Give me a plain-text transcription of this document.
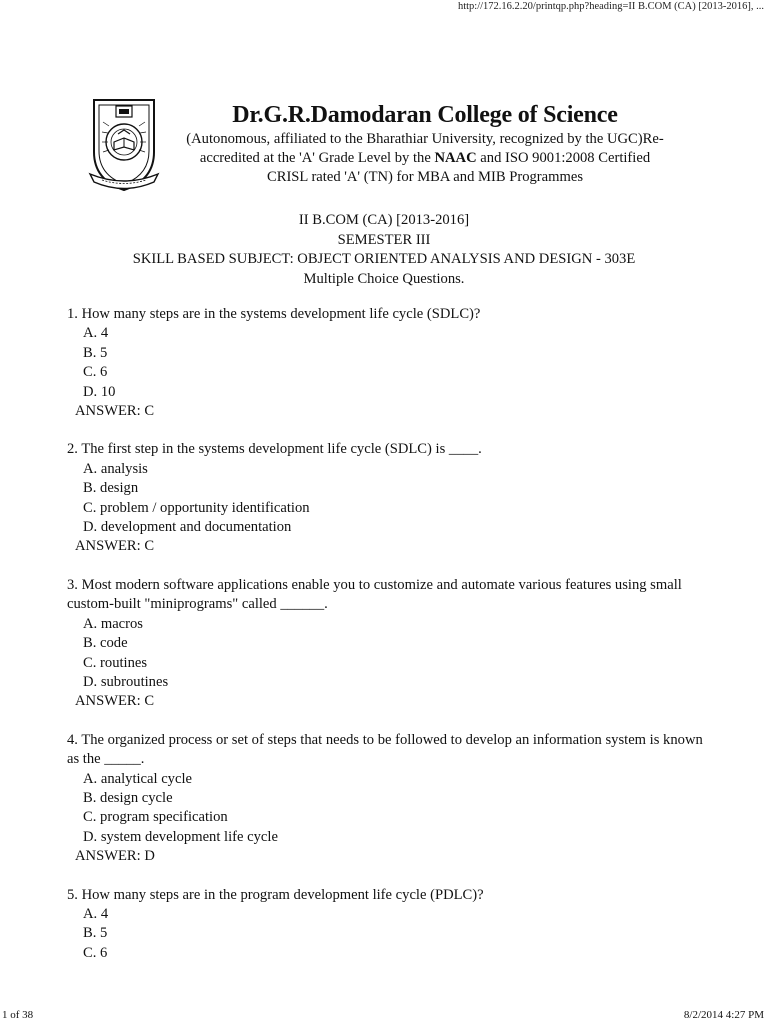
http://172.16.2.20/printqp.php?heading=II B.COM (CA) [2013-2016], ...
Dr.G.R.Damodaran College of Science
(Autonomous, affiliated to the Bharathiar University, recognized by the UGC)Re-
accredited at the 'A' Grade Level by the NAAC and ISO 9001:2008 Certified
CRISL rated 'A' (TN) for MBA and MIB Programmes
II B.COM (CA) [2013-2016]
SEMESTER III
SKILL BASED SUBJECT: OBJECT ORIENTED ANALYSIS AND DESIGN - 303E
Multiple Choice Questions.
1. How many steps are in the systems development life cycle (SDLC)?
A. 4
B. 5
C. 6
D. 10
ANSWER: C
2. The first step in the systems development life cycle (SDLC) is ____.
A. analysis
B. design
C. problem / opportunity identification
D. development and documentation
ANSWER: C
3. Most modern software applications enable you to customize and automate various features using small custom-built "miniprograms" called ______.
A. macros
B. code
C. routines
D. subroutines
ANSWER: C
4. The organized process or set of steps that needs to be followed to develop an information system is known as the _____.
A. analytical cycle
B. design cycle
C. program specification
D. system development life cycle
ANSWER: D
5. How many steps are in the program development life cycle (PDLC)?
A. 4
B. 5
C. 6
1 of 38	8/2/2014 4:27 PM
